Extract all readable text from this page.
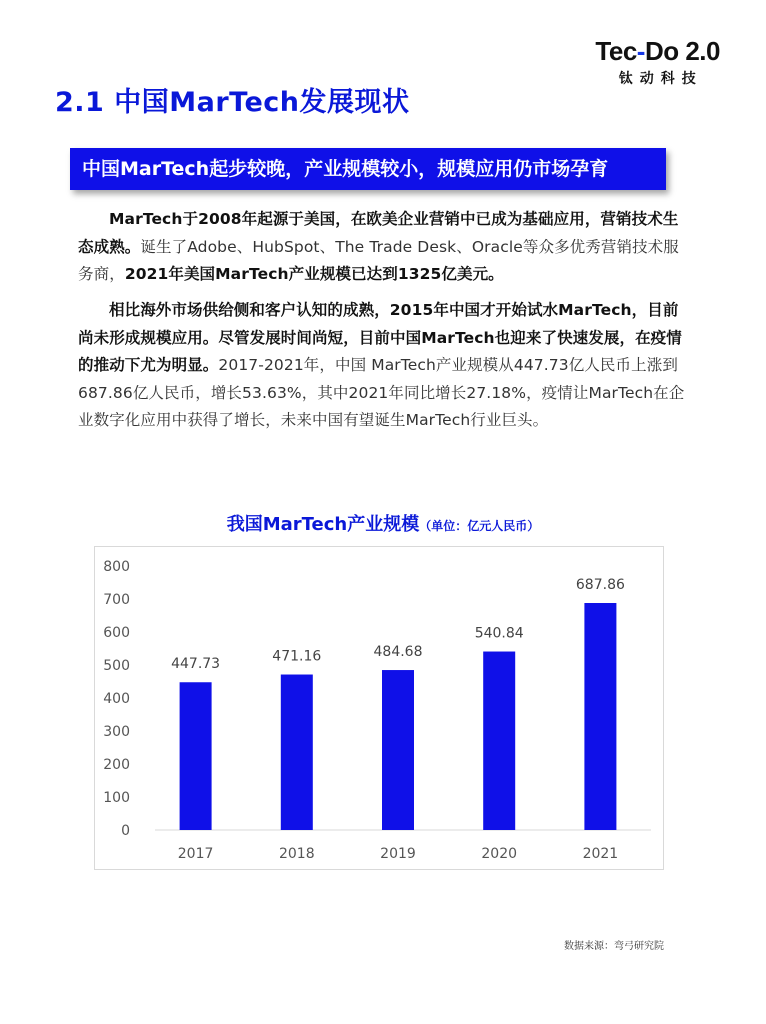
Tec-Do 2.0
钛动科技
2.1 中国MarTech发展现状
中国MarTech起步较晚，产业规模较小，规模应用仍市场孕育

MarTech于2008年起源于美国，在欧美企业营销中已成为基础应用，营销技术生态成熟。诞生了Adobe、HubSpot、The Trade Desk、Oracle等众多优秀营销技术服务商，2021年美国MarTech产业规模已达到1325亿美元。

相比海外市场供给侧和客户认知的成熟，2015年中国才开始试水MarTech，目前尚未形成规模应用。尽管发展时间尚短，目前中国MarTech也迎来了快速发展，在疫情的推动下尤为明显。2017-2021年，中国 MarTech产业规模从447.73亿人民币上涨到687.86亿人民币，增长53.63%，其中2021年同比增长27.18%，疫情让MarTech在企业数字化应用中获得了增长，未来中国有望诞生MarTech行业巨头。

我国MarTech产业规模（单位：亿元人民币）
0
100
200
300
400
500
600
700
800
447.73
2017
471.16
2018
484.68
2019
540.84
2020
687.86
2021
数据来源：弯弓研究院
